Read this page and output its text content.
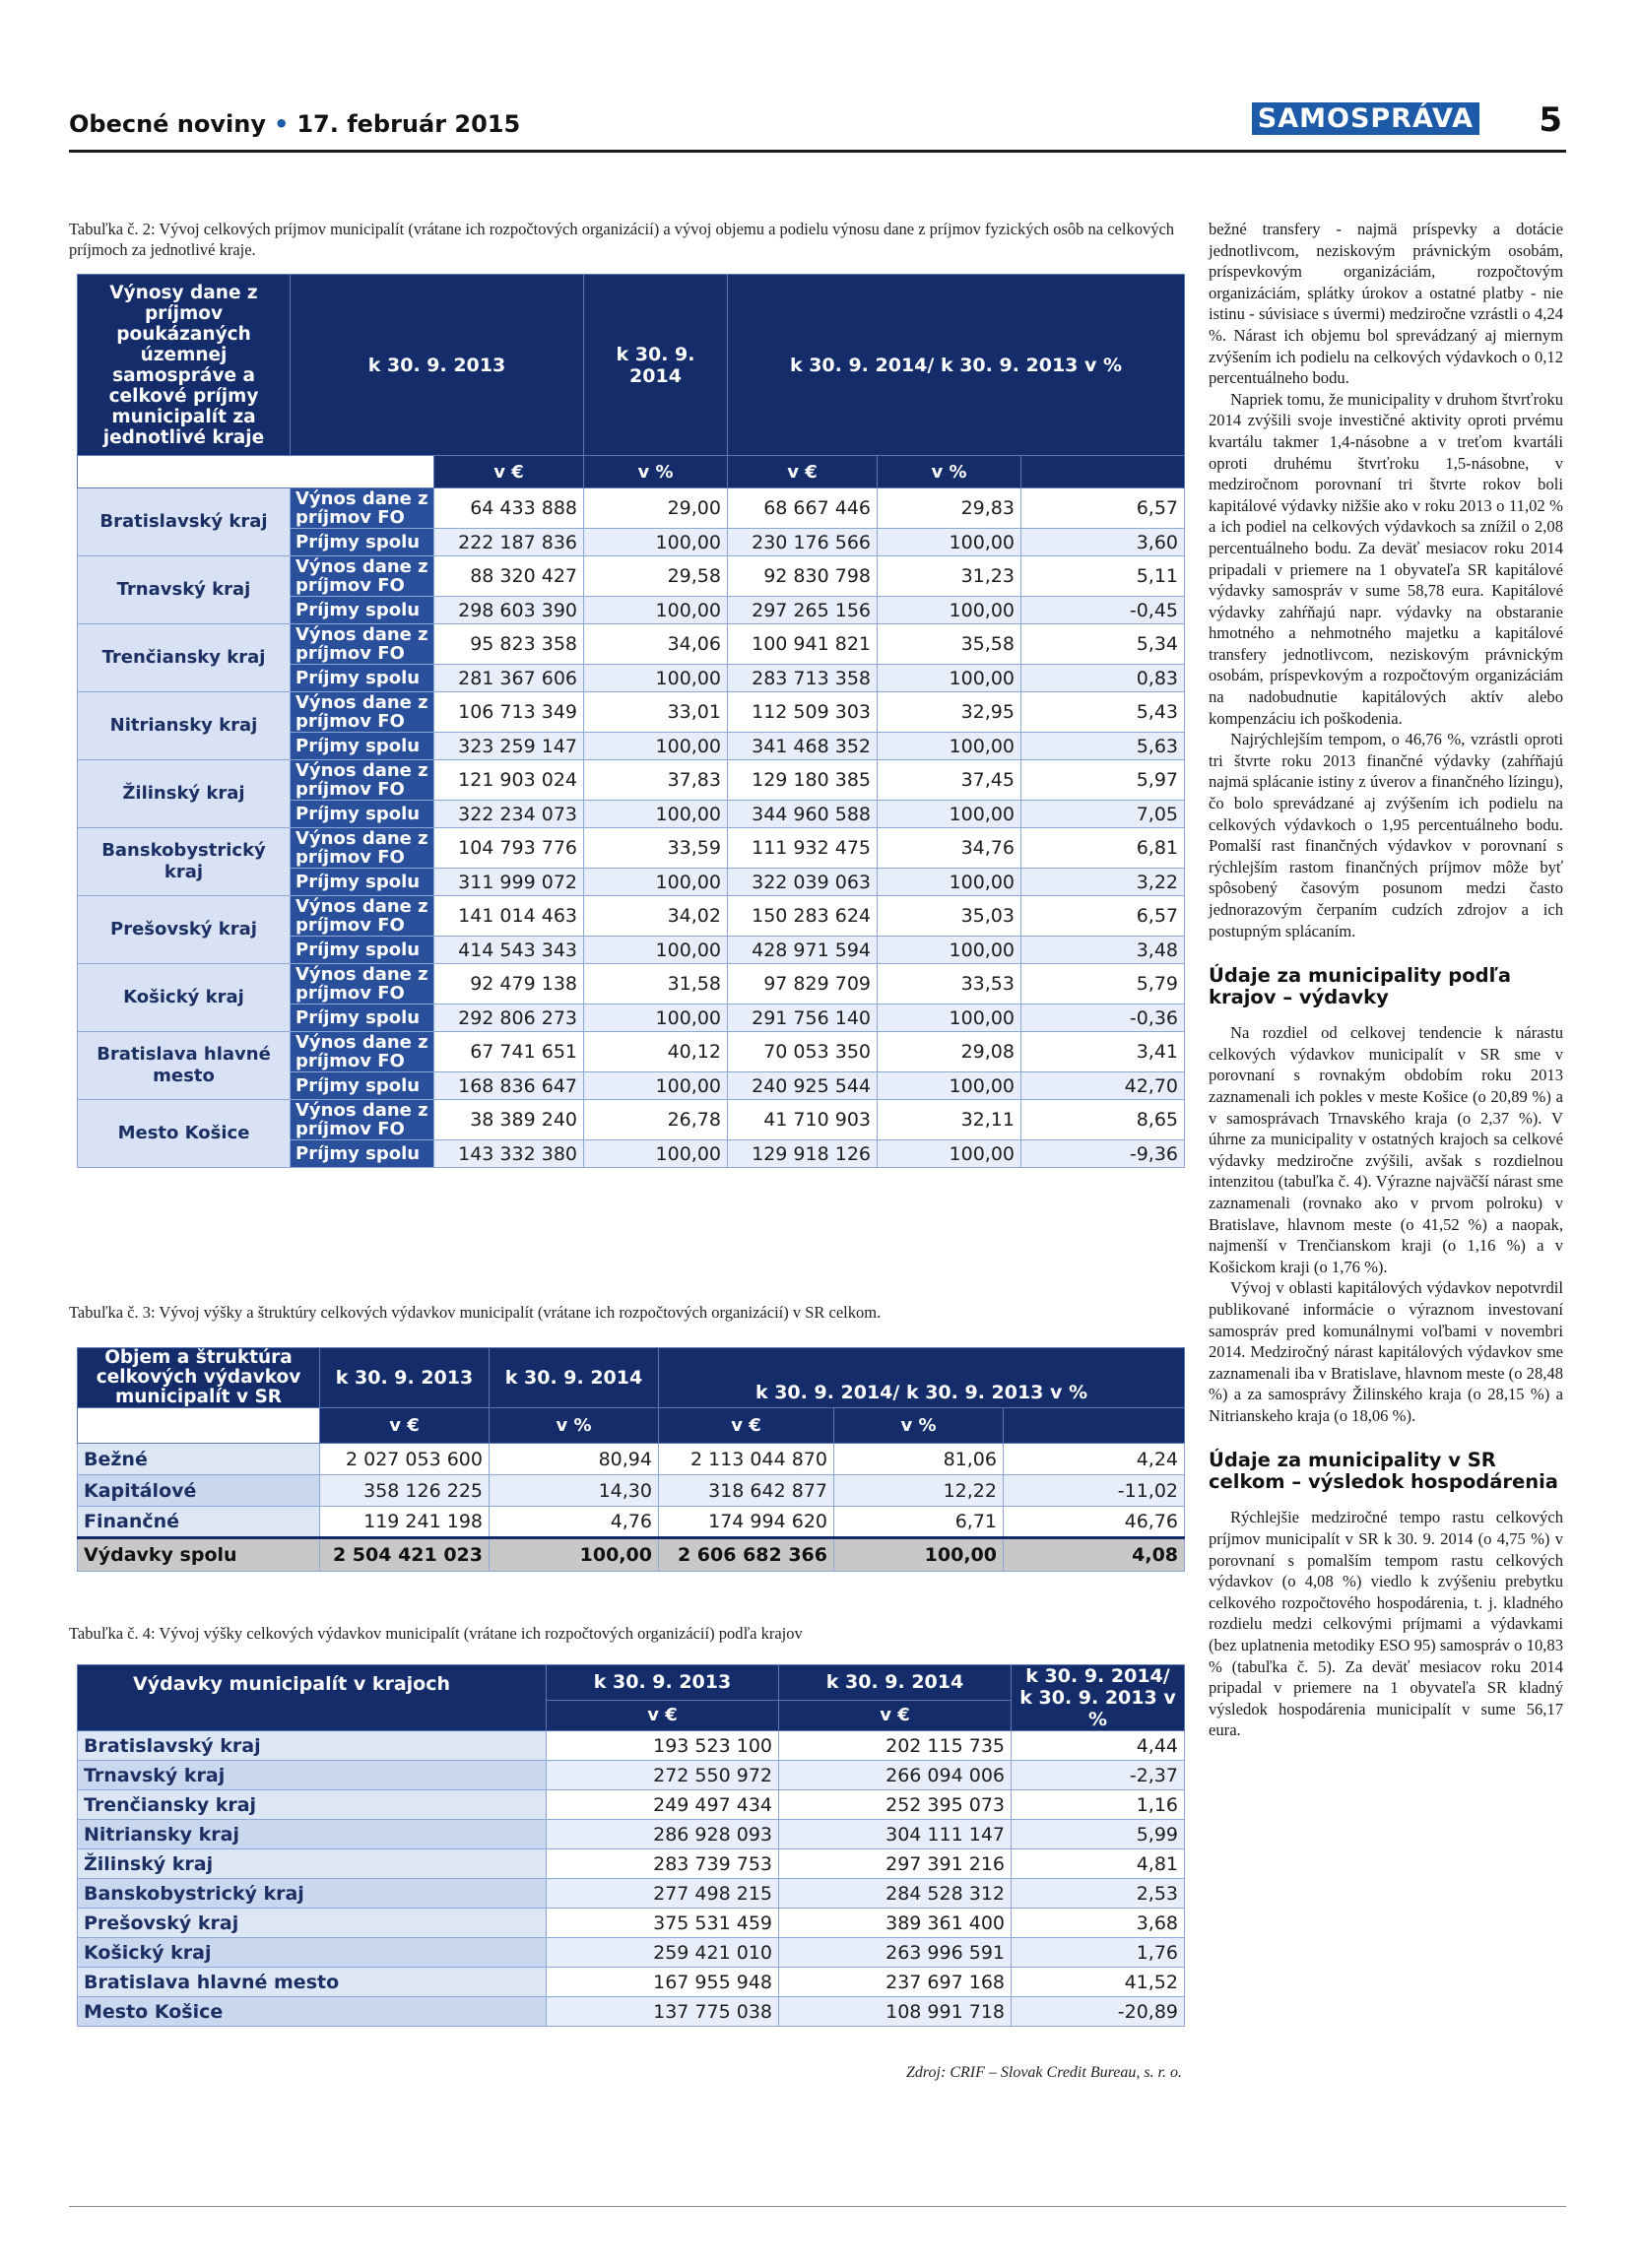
Obecné noviny • 17. február 2015	SAMOSPRÁVA 5
Tabuľka č. 2: Vývoj celkových príjmov municipalít (vrátane ich rozpočtových organizácií) a vývoj objemu a podielu výnosu dane z príjmov fyzických osôb na celkových príjmoch za jednotlivé kraje.
Výnosy dane z príjmov poukázaných územnej samospráve a celkové príjmy municipalít za jednotlivé kraje	k 30. 9. 2013		k 30. 9. 2014	k 30. 9. 2014/ k 30. 9. 2013 v %		
		v €	v %	v €	v %	
Bratislavský kraj	Výnos dane z príjmov FO	64 433 888	29,00	68 667 446	29,83	6,57
	Príjmy spolu	222 187 836	100,00	230 176 566	100,00	3,60
Trnavský kraj	Výnos dane z príjmov FO	88 320 427	29,58	92 830 798	31,23	5,11
	Príjmy spolu	298 603 390	100,00	297 265 156	100,00	-0,45
Trenčiansky kraj	Výnos dane z príjmov FO	95 823 358	34,06	100 941 821	35,58	5,34
	Príjmy spolu	281 367 606	100,00	283 713 358	100,00	0,83
Nitriansky kraj	Výnos dane z príjmov FO	106 713 349	33,01	112 509 303	32,95	5,43
	Príjmy spolu	323 259 147	100,00	341 468 352	100,00	5,63
Žilinský kraj	Výnos dane z príjmov FO	121 903 024	37,83	129 180 385	37,45	5,97
	Príjmy spolu	322 234 073	100,00	344 960 588	100,00	7,05
Banskobystrický kraj	Výnos dane z príjmov FO	104 793 776	33,59	111 932 475	34,76	6,81
	Príjmy spolu	311 999 072	100,00	322 039 063	100,00	3,22
Prešovský kraj	Výnos dane z príjmov FO	141 014 463	34,02	150 283 624	35,03	6,57
	Príjmy spolu	414 543 343	100,00	428 971 594	100,00	3,48
Košický kraj	Výnos dane z príjmov FO	92 479 138	31,58	97 829 709	33,53	5,79
	Príjmy spolu	292 806 273	100,00	291 756 140	100,00	-0,36
Bratislava hlavné mesto	Výnos dane z príjmov FO	67 741 651	40,12	70 053 350	29,08	3,41
	Príjmy spolu	168 836 647	100,00	240 925 544	100,00	42,70
Mesto Košice	Výnos dane z príjmov FO	38 389 240	26,78	41 710 903	32,11	8,65
	Príjmy spolu	143 332 380	100,00	129 918 126	100,00	-9,36
Tabuľka č. 3: Vývoj výšky a štruktúry celkových výdavkov municipalít (vrátane ich rozpočtových organizácií) v SR celkom.
Objem a štruktúra celkových výdavkov municipalít v SR	k 30. 9. 2013	k 30. 9. 2014	k 30. 9. 2014/ k 30. 9. 2013 v %		
	v €	v %	v €	v %	
Bežné	2 027 053 600	80,94	2 113 044 870	81,06	4,24
Kapitálové	358 126 225	14,30	318 642 877	12,22	-11,02
Finančné	119 241 198	4,76	174 994 620	6,71	46,76
Výdavky spolu	2 504 421 023	100,00	2 606 682 366	100,00	4,08
Tabuľka č. 4: Vývoj výšky celkových výdavkov municipalít (vrátane ich rozpočtových organizácií) podľa krajov
Výdavky municipalít v krajoch	k 30. 9. 2013	k 30. 9. 2014	k 30. 9. 2014/ k 30. 9. 2013 v %
	v €	v €	
Bratislavský kraj	193 523 100	202 115 735	4,44
Trnavský kraj	272 550 972	266 094 006	-2,37
Trenčiansky kraj	249 497 434	252 395 073	1,16
Nitriansky kraj	286 928 093	304 111 147	5,99
Žilinský kraj	283 739 753	297 391 216	4,81
Banskobystrický kraj	277 498 215	284 528 312	2,53
Prešovský kraj	375 531 459	389 361 400	3,68
Košický kraj	259 421 010	263 996 591	1,76
Bratislava hlavné mesto	167 955 948	237 697 168	41,52
Mesto Košice	137 775 038	108 991 718	-20,89
Zdroj: CRIF – Slovak Credit Bureau, s. r. o.

bežné transfery - najmä príspevky a dotácie jednotlivcom, neziskovým právnickým osobám, príspevkovým organizáciám, rozpočtovým organizáciám, splátky úrokov a ostatné platby - nie istinu - súvisiace s úvermi) medziročne vzrástli o 4,24 %. Nárast ich objemu bol sprevádzaný aj miernym zvýšením ich podielu na celkových výdavkoch o 0,12 percentuálneho bodu.

Napriek tomu, že municipality v druhom štvrťroku 2014 zvýšili svoje investičné aktivity oproti prvému kvartálu takmer 1,4-násobne a v treťom kvartáli oproti druhému štvrťroku 1,5-násobne, v medziročnom porovnaní tri štvrte rokov boli kapitálové výdavky nižšie ako v roku 2013 o 11,02 % a ich podiel na celkových výdavkoch sa znížil o 2,08 percentuálneho bodu. Za deväť mesiacov roku 2014 pripadali v priemere na 1 obyvateľa SR kapitálové výdavky samospráv v sume 58,78 eura. Kapitálové výdavky zahŕňajú napr. výdavky na obstaranie hmotného a nehmotného majetku a kapitálové transfery jednotlivcom, neziskovým právnickým osobám, príspevkovým a rozpočtovým organizáciám na nadobudnutie kapitálových aktív alebo kompenzáciu ich poškodenia.

Najrýchlejším tempom, o 46,76 %, vzrástli oproti tri štvrte roku 2013 finančné výdavky (zahŕňajú najmä splácanie istiny z úverov a finančného lízingu), čo bolo sprevádzané aj zvýšením ich podielu na celkových výdavkoch o 1,95 percentuálneho bodu. Pomalší rast finančných výdavkov v porovnaní s rýchlejším rastom finančných príjmov môže byť spôsobený časovým posunom medzi často jednorazovým čerpaním cudzích zdrojov a ich postupným splácaním.

Údaje za municipality podľa krajov – výdavky

Na rozdiel od celkovej tendencie k nárastu celkových výdavkov municipalít v SR sme v porovnaní s rovnakým obdobím roku 2013 zaznamenali ich pokles v meste Košice (o 20,89 %) a v samosprávach Trnavského kraja (o 2,37 %). V úhrne za municipality v ostatných krajoch sa celkové výdavky medziročne zvýšili, avšak s rozdielnou intenzitou (tabuľka č. 4). Výrazne najväčší nárast sme zaznamenali (rovnako ako v prvom polroku) v Bratislave, hlavnom meste (o 41,52 %) a naopak, najmenší v Trenčianskom kraji (o 1,16 %) a v Košickom kraji (o 1,76 %).

Vývoj v oblasti kapitálových výdavkov nepotvrdil publikované informácie o výraznom investovaní samospráv pred komunálnymi voľbami v novembri 2014. Medziročný nárast kapitálových výdavkov sme zaznamenali iba v Bratislave, hlavnom meste (o 28,48 %) a za samosprávy Žilinského kraja (o 28,15 %) a Nitrianskeho kraja (o 18,06 %).

Údaje za municipality v SR celkom – výsledok hospodárenia

Rýchlejšie medziročné tempo rastu celkových príjmov municipalít v SR k 30. 9. 2014 (o 4,75 %) v porovnaní s pomalším tempom rastu celkových výdavkov (o 4,08 %) viedlo k zvýšeniu prebytku celkového rozpočtového hospodárenia, t. j. kladného rozdielu medzi celkovými príjmami a výdavkami (bez uplatnenia metodiky ESO 95) samospráv o 10,83 % (tabuľka č. 5). Za deväť mesiacov roku 2014 pripadal v priemere na 1 obyvateľa SR kladný výsledok hospodárenia municipalít v sume 56,17 eura.
